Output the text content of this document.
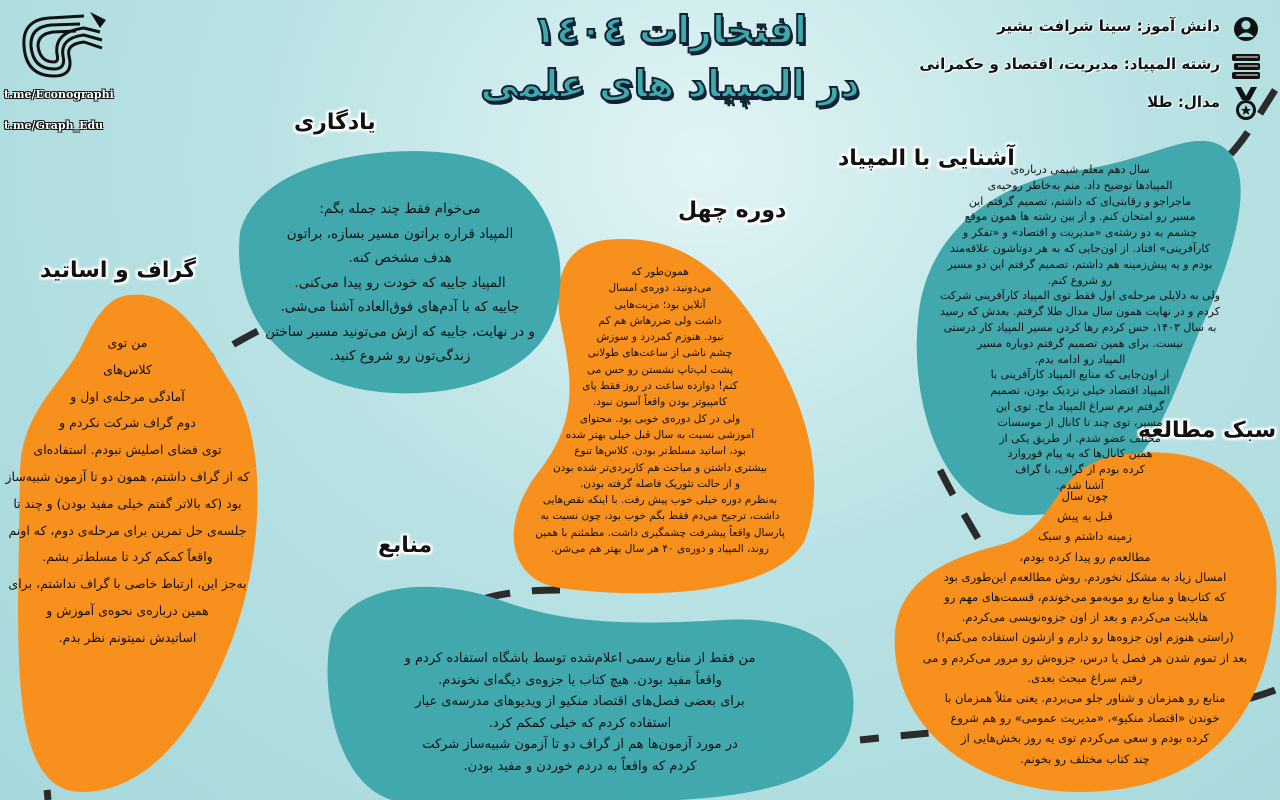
t.me/Econographi
t.me/Graph_Edu
افتخارات ١٤٠٤
در المپیاد های علمی
دانش آموز: سینا شرافت بشیر
رشته المپیاد: مدیریت، اقتصاد و حکمرانی
مدال: طلا
آشنایی با المپیاد
سبک مطالعه
دوره چهل
یادگاری
گراف و اساتید
منابع
سال دهم معلم شیمی درباره‌ی
المپیادها توضیح داد. منم به‌خاطر روحیه‌ی
ماجراجو و رقابتی‌ای که داشتم، تصمیم گرفتم این
مسیر رو امتحان کنم. و از بین رشته ها همون موقع
چشمم به دو رشته‌ی «مدیریت و اقتصاد» و «تفکر و
کارآفرینی» افتاد. از اون‌جایی که به هر دوتاشون علاقه‌مند
بودم و یه پیش‌زمینه هم داشتم، تصمیم گرفتم این دو مسیر
رو شروع کنم.
ولی به دلایلی مرحله‌ی اول فقط توی المپیاد کارآفرینی شرکت
کردم و در نهایت همون سال مدال طلا گرفتم. بعدش که رسید
به سال ۱۴۰۳، حس کردم رها کردن مسیر المپیاد کار درستی
نیست. برای همین تصمیم گرفتم دوباره مسیر
المپیاد رو ادامه بدم.
از اون‌جایی که منابع المپیاد کارآفرینی با
المپیاد اقتصاد خیلی نزدیک بودن، تصمیم
گرفتم برم سراغ المپیاد ماح. توی این
مسیر، توی چند تا کانال از موسسات
مختلف عضو شدم. از طریق یکی از
همین کانال‌ها که یه پیام فوروارد
کرده بودم از گراف، با گراف
آشنا شدم.
چون سال
قبل یه پیش
زمینه داشتم و سبک
مطالعه‌م رو پیدا کرده بودم،
امسال زیاد به مشکل نخوردم. روش مطالعه‌م این‌طوری بود
که کتاب‌ها و منابع رو موبه‌مو می‌خوندم، قسمت‌های مهم رو
هایلایت می‌کردم و بعد از اون جزوه‌نویسی می‌کردم.
(راستی هنوزم اون جزوه‌ها رو دارم و ازشون استفاده می‌کنم!)
بعد از تموم شدن هر فصل یا درس، جزوه‌ش رو مرور می‌کردم و می
رفتم سراغ مبحث بعدی.
منابع رو همزمان و شناور جلو می‌بردم. یعنی مثلاً همزمان با
خوندن «اقتصاد منکیو»، «مدیریت عمومی» رو هم شروع
کرده بودم و سعی می‌کردم توی یه روز بخش‌هایی از
چند کتاب مختلف رو بخونم.
همون‌طور که
می‌دونید، دوره‌ی امسال
آنلاین بود؛ مزیت‌هایی
داشت ولی ضررهاش هم کم
نبود. هنوزم کمردرد و سوزش
چشم ناشی از ساعت‌های طولانی
پشت لپ‌تاپ نشستن رو حس می
کنم! دوازده ساعت در روز فقط پای
کامپیوتر بودن واقعاً آسون نبود.
ولی در کل دوره‌ی خوبی بود. محتوای
آموزشی نسبت به سال قبل خیلی بهتر شده
بود، اساتید مسلط‌تر بودن، کلاس‌ها تنوع
بیشتری داشتن و مباحث هم کاربردی‌تر شده بودن
و از حالت تئوریک فاصله گرفته بودن.
به‌نظرم دوره خیلی خوب پیش رفت. با اینکه نقص‌هایی
داشت، ترجیح می‌دم فقط بگم خوب بود، چون نسبت به
پارسال واقعاً پیشرفت چشمگیری داشت. مطمئنم با همین
روند، المپیاد و دوره‌ی ۴۰ هر سال بهتر هم می‌شن.
می‌خوام فقط چند جمله بگم:
المپیاد قراره براتون مسیر بسازه، براتون
هدف مشخص کنه.
المپیاد جاییه که خودت رو پیدا می‌کنی.
جاییه که با آدم‌های فوق‌العاده آشنا می‌شی.
و در نهایت، جاییه که ازش می‌تونید مسیر ساختن
زندگی‌تون رو شروع کنید.
من توی
کلاس‌های
آمادگی مرحله‌ی اول و
دوم گراف شرکت نکردم و
توی فضای اصلیش نبودم. استفاده‌ای
که از گراف داشتم، همون دو تا آزمون شبیه‌ساز
بود (که بالاتر گفتم خیلی مفید بودن) و چند تا
جلسه‌ی حل تمرین برای مرحله‌ی دوم، که اونم
واقعاً کمکم کرد تا مسلط‌تر بشم.
به‌جز این، ارتباط خاصی با گراف نداشتم، برای
همین درباره‌ی نحوه‌ی آموزش و
اساتیدش نمیتونم نظر بدم.
من فقط از منابع رسمی اعلام‌شده توسط باشگاه استفاده کردم و
واقعاً مفید بودن. هیچ کتاب یا جزوه‌ی دیگه‌ای نخوندم.
برای بعضی فصل‌های اقتصاد منکیو از ویدیوهای مدرسه‌ی عیار
استفاده کردم که خیلی کمکم کرد.
در مورد آزمون‌ها هم از گراف دو تا آزمون شبیه‌ساز شرکت
کردم که واقعاً به دردم خوردن و مفید بودن.
